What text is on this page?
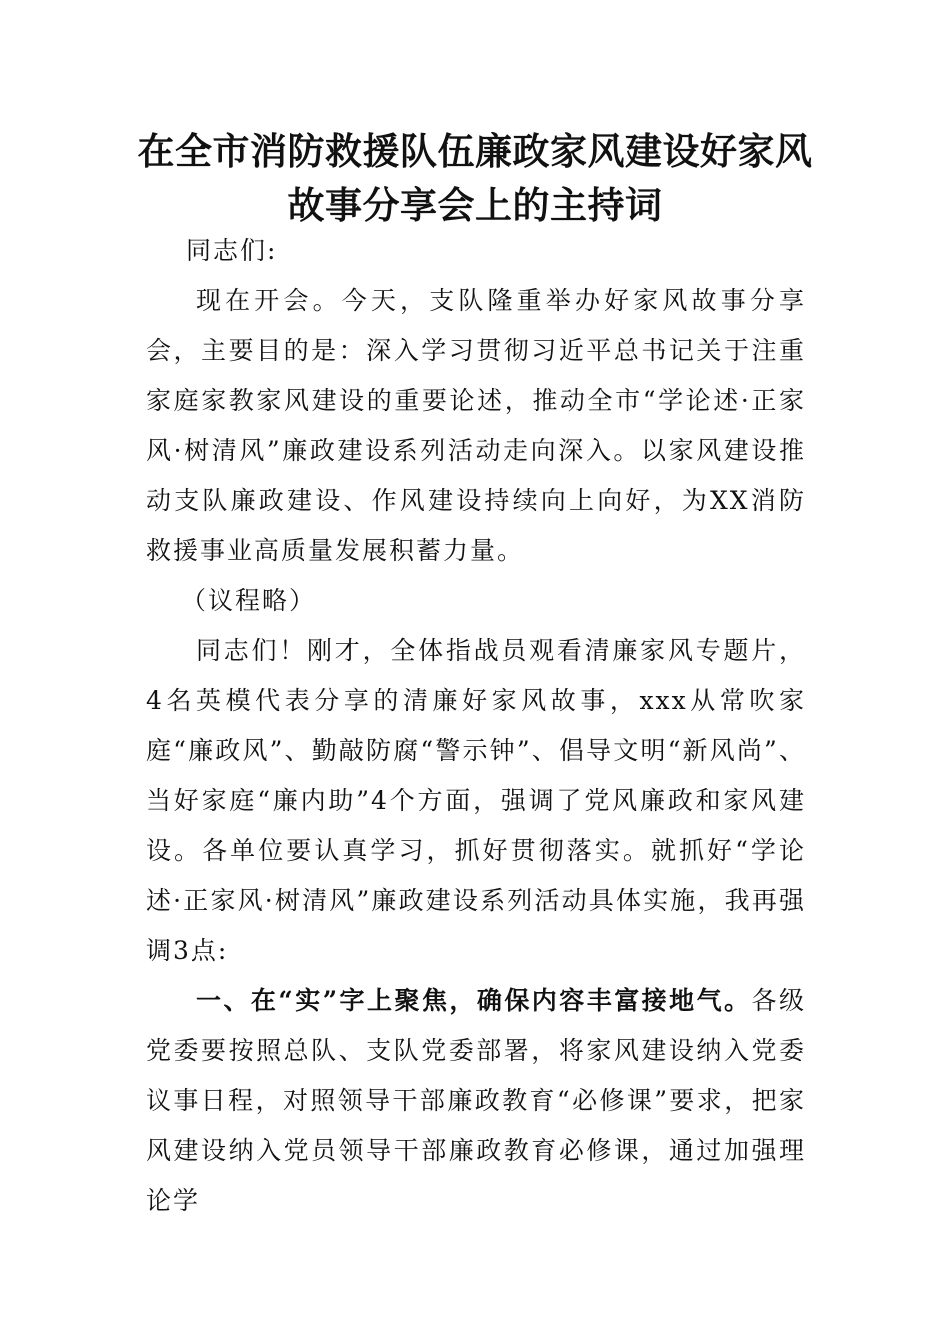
在全市消防救援队伍廉政家风建设好家风
故事分享会上的主持词

同志们:

现在开会。今天，支队隆重举办好家风故事分享会，主要目的是：深入学习贯彻习近平总书记关于注重家庭家教家风建设的重要论述，推动全市“学论述·正家风·树清风”廉政建设系列活动走向深入。以家风建设推动支队廉政建设、作风建设持续向上向好，为XX消防救援事业高质量发展积蓄力量。

（议程略）

同志们！刚才，全体指战员观看清廉家风专题片，4名英模代表分享的清廉好家风故事，xxx从常吹家庭“廉政风”、勤敲防腐“警示钟”、倡导文明“新风尚”、当好家庭“廉内助”4个方面，强调了党风廉政和家风建设。各单位要认真学习，抓好贯彻落实。就抓好“学论述·正家风·树清风”廉政建设系列活动具体实施，我再强调3点:

一、在“实”字上聚焦，确保内容丰富接地气。各级党委要按照总队、支队党委部署，将家风建设纳入党委议事日程，对照领导干部廉政教育“必修课”要求，把家风建设纳入党员领导干部廉政教育必修课，通过加强理论学
